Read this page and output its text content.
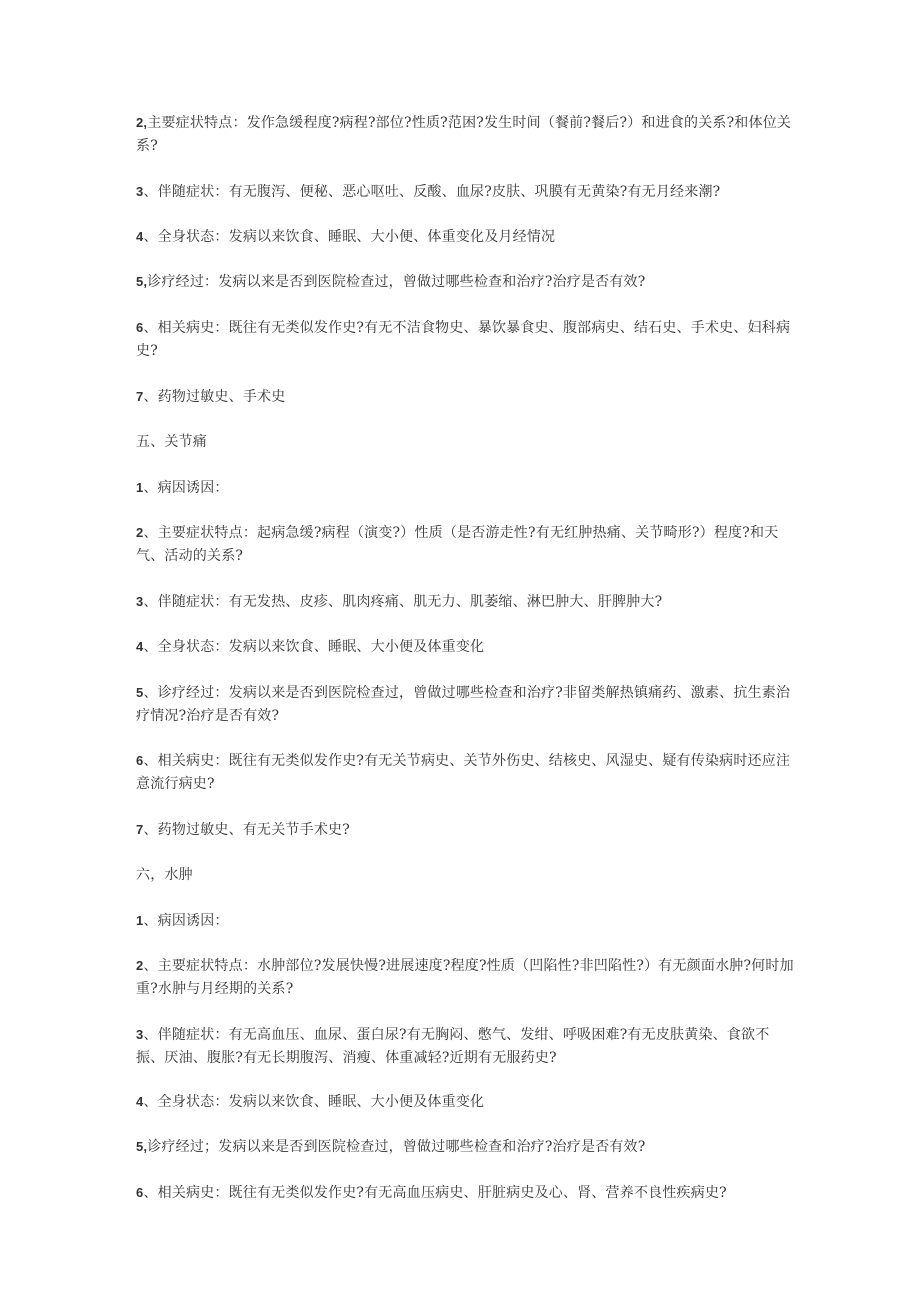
2,主要症状特点：发作急缓程度?病程?部位?性质?范困?发生时间（餐前?餐后?）和进食的关系?和体位关系?

3、伴随症状：有无腹泻、便秘、恶心呕吐、反酸、血尿?皮肤、巩膜有无黄染?有无月经来潮?

4、全身状态：发病以来饮食、睡眠、大小便、体重变化及月经情况

5,诊疗经过：发病以来是否到医院检查过，曾做过哪些检查和治疗?治疗是否有效?

6、相关病史：既往有无类似发作史?有无不洁食物史、暴饮暴食史、腹部病史、结石史、手术史、妇科病史?

7、药物过敏史、手术史

五、关节痛

1、病因诱因：

2、主要症状特点：起病急缓?病程（演变?）性质（是否游走性?有无红肿热痛、关节畸形?）程度?和天气、活动的关系?

3、伴随症状：有无发热、皮疹、肌肉疼痛、肌无力、肌萎缩、淋巴肿大、肝脾肿大?

4、全身状态：发病以来饮食、睡眠、大小便及体重变化

5、诊疗经过：发病以来是否到医院检查过，曾做过哪些检查和治疗?非留类解热镇痛药、激素、抗生素治疗情况?治疗是否有效?

6、相关病史：既往有无类似发作史?有无关节病史、关节外伤史、结核史、风湿史、疑有传染病时还应注意流行病史?

7、药物过敏史、有无关节手术史?

六，水肿

1、病因诱因：

2、主要症状特点：水肿部位?发展快慢?进展速度?程度?性质（凹陷性?非凹陷性?）有无颜面水肿?何时加重?水肿与月经期的关系?

3、伴随症状：有无高血压、血尿、蛋白尿?有无胸闷、憋气、发绀、呼吸困难?有无皮肤黄染、食欲不振、厌油、腹胀?有无长期腹泻、消瘦、体重减轻?近期有无服药史?

4、全身状态：发病以来饮食、睡眠、大小便及体重变化

5,诊疗经过；发病以来是否到医院检查过，曾做过哪些检查和治疗?治疗是否有效?

6、相关病史：既往有无类似发作史?有无高血压病史、肝脏病史及心、肾、营养不良性疾病史?
